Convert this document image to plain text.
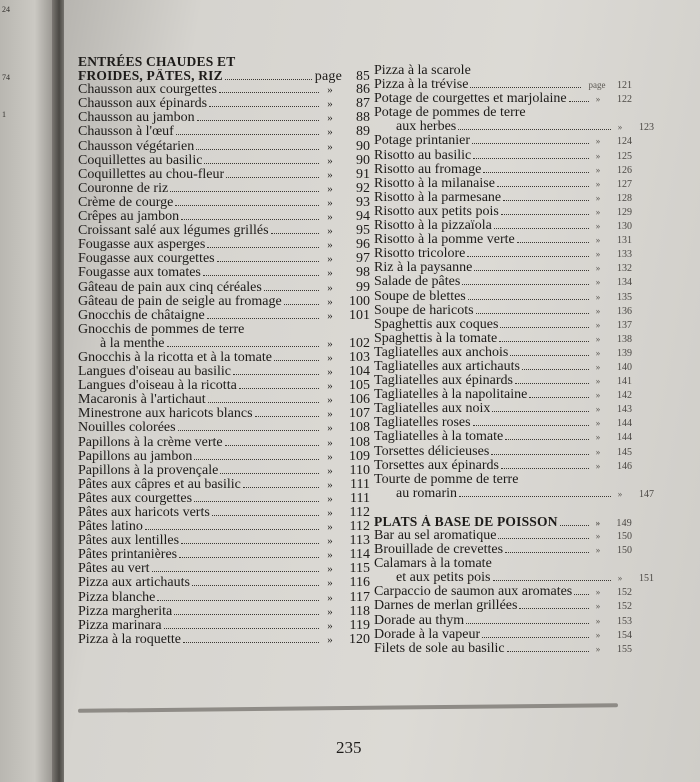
24
74
1
ENTRÉES CHAUDES ET
FROIDES, PÂTES, RIZ	page	85
Chausson aux courgettes	»	86
Chausson aux épinards	»	87
Chausson au jambon	»	88
Chausson à l'œuf	»	89
Chausson végétarien	»	90
Coquillettes au basilic	»	90
Coquillettes au chou-fleur	»	91
Couronne de riz	»	92
Crème de courge	»	93
Crêpes au jambon	»	94
Croissant salé aux légumes grillés	»	95
Fougasse aux asperges	»	96
Fougasse aux courgettes	»	97
Fougasse aux tomates	»	98
Gâteau de pain aux cinq céréales	»	99
Gâteau de pain de seigle au fromage	»	100
Gnocchis de châtaigne	»	101
Gnocchis de pommes de terre
à la menthe	»	102
Gnocchis à la ricotta et à la tomate	»	103
Langues d'oiseau au basilic	»	104
Langues d'oiseau à la ricotta	»	105
Macaronis à l'artichaut	»	106
Minestrone aux haricots blancs	»	107
Nouilles colorées	»	108
Papillons à la crème verte	»	108
Papillons au jambon	»	109
Papillons à la provençale	»	110
Pâtes aux câpres et au basilic	»	111
Pâtes aux courgettes	»	111
Pâtes aux haricots verts	»	112
Pâtes latino	»	112
Pâtes aux lentilles	»	113
Pâtes printanières	»	114
Pâtes au vert	»	115
Pizza aux artichauts	»	116
Pizza blanche	»	117
Pizza margherita	»	118
Pizza marinara	»	119
Pizza à la roquette	»	120
Pizza à la scarole
Pizza à la trévise	page	121
Potage de courgettes et marjolaine	»	122
Potage de pommes de terre
aux herbes	»	123
Potage printanier	»	124
Risotto au basilic	»	125
Risotto au fromage	»	126
Risotto à la milanaise	»	127
Risotto à la parmesane	»	128
Risotto aux petits pois	»	129
Risotto à la pizzaïola	»	130
Risotto à la pomme verte	»	131
Risotto tricolore	»	133
Riz à la paysanne	»	132
Salade de pâtes	»	134
Soupe de blettes	»	135
Soupe de haricots	»	136
Spaghettis aux coques	»	137
Spaghettis à la tomate	»	138
Tagliatelles aux anchois	»	139
Tagliatelles aux artichauts	»	140
Tagliatelles aux épinards	»	141
Tagliatelles à la napolitaine	»	142
Tagliatelles aux noix	»	143
Tagliatelles roses	»	144
Tagliatelles à la tomate	»	144
Torsettes délicieuses	»	145
Torsettes aux épinards	»	146
Tourte de pomme de terre
au romarin	»	147
PLATS À BASE DE POISSON	»	149
Bar au sel aromatique	»	150
Brouillade de crevettes	»	150
Calamars à la tomate
et aux petits pois	»	151
Carpaccio de saumon aux aromates	»	152
Darnes de merlan grillées	»	152
Dorade au thym	»	153
Dorade à la vapeur	»	154
Filets de sole au basilic	»	155
235
